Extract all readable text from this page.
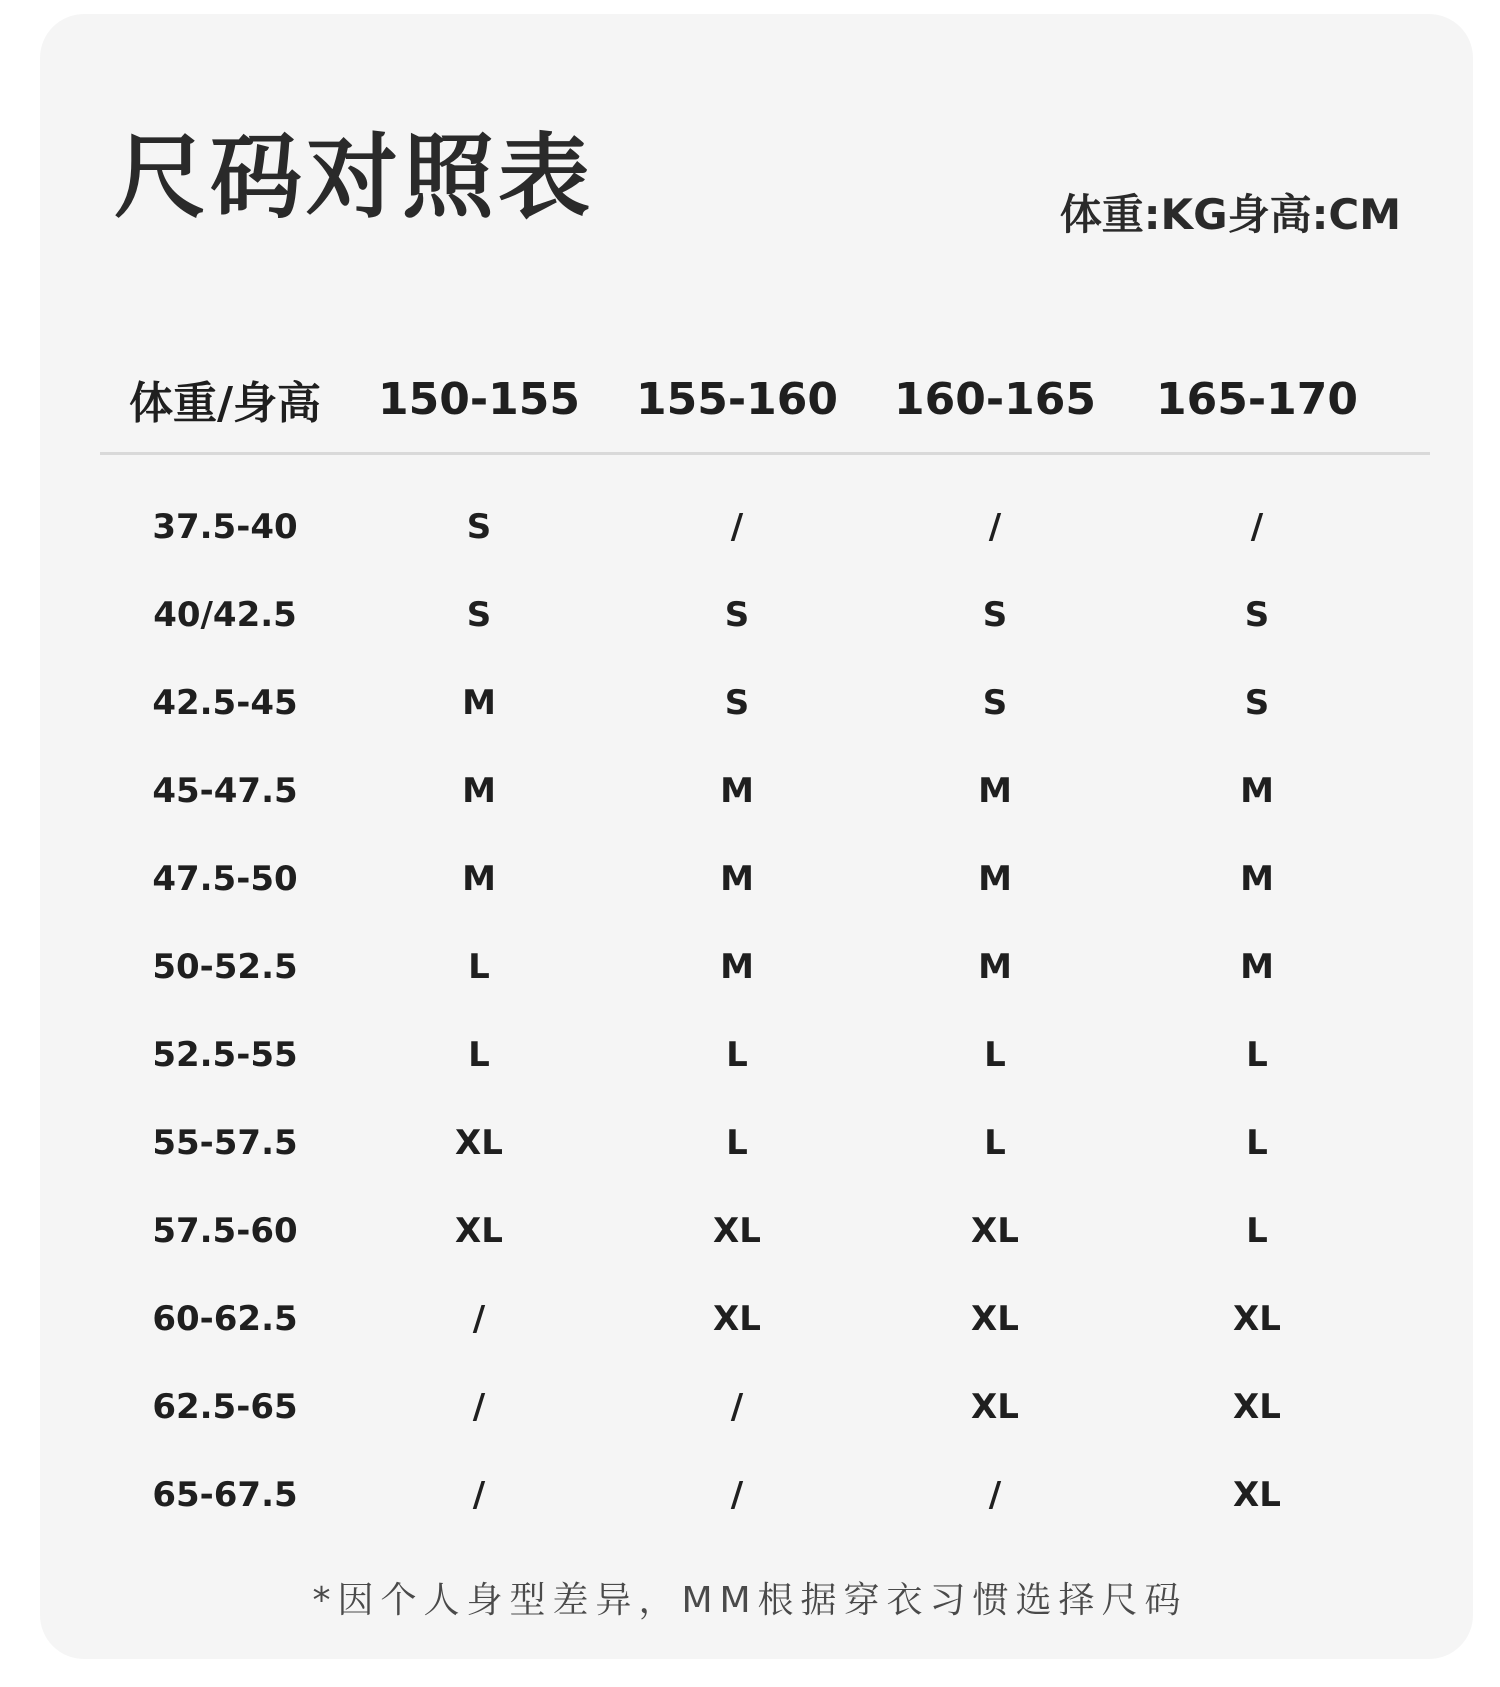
尺码对照表	体重:KG身高:CM
体重/身高	150-155	155-160	160-165	165-170
37.5-40	S	/	/	/
40/42.5	S	S	S	S
42.5-45	M	S	S	S
45-47.5	M	M	M	M
47.5-50	M	M	M	M
50-52.5	L	M	M	M
52.5-55	L	L	L	L
55-57.5	XL	L	L	L
57.5-60	XL	XL	XL	L
60-62.5	/	XL	XL	XL
62.5-65	/	/	XL	XL
65-67.5	/	/	/	XL
*因个人身型差异，MM根据穿衣习惯选择尺码
